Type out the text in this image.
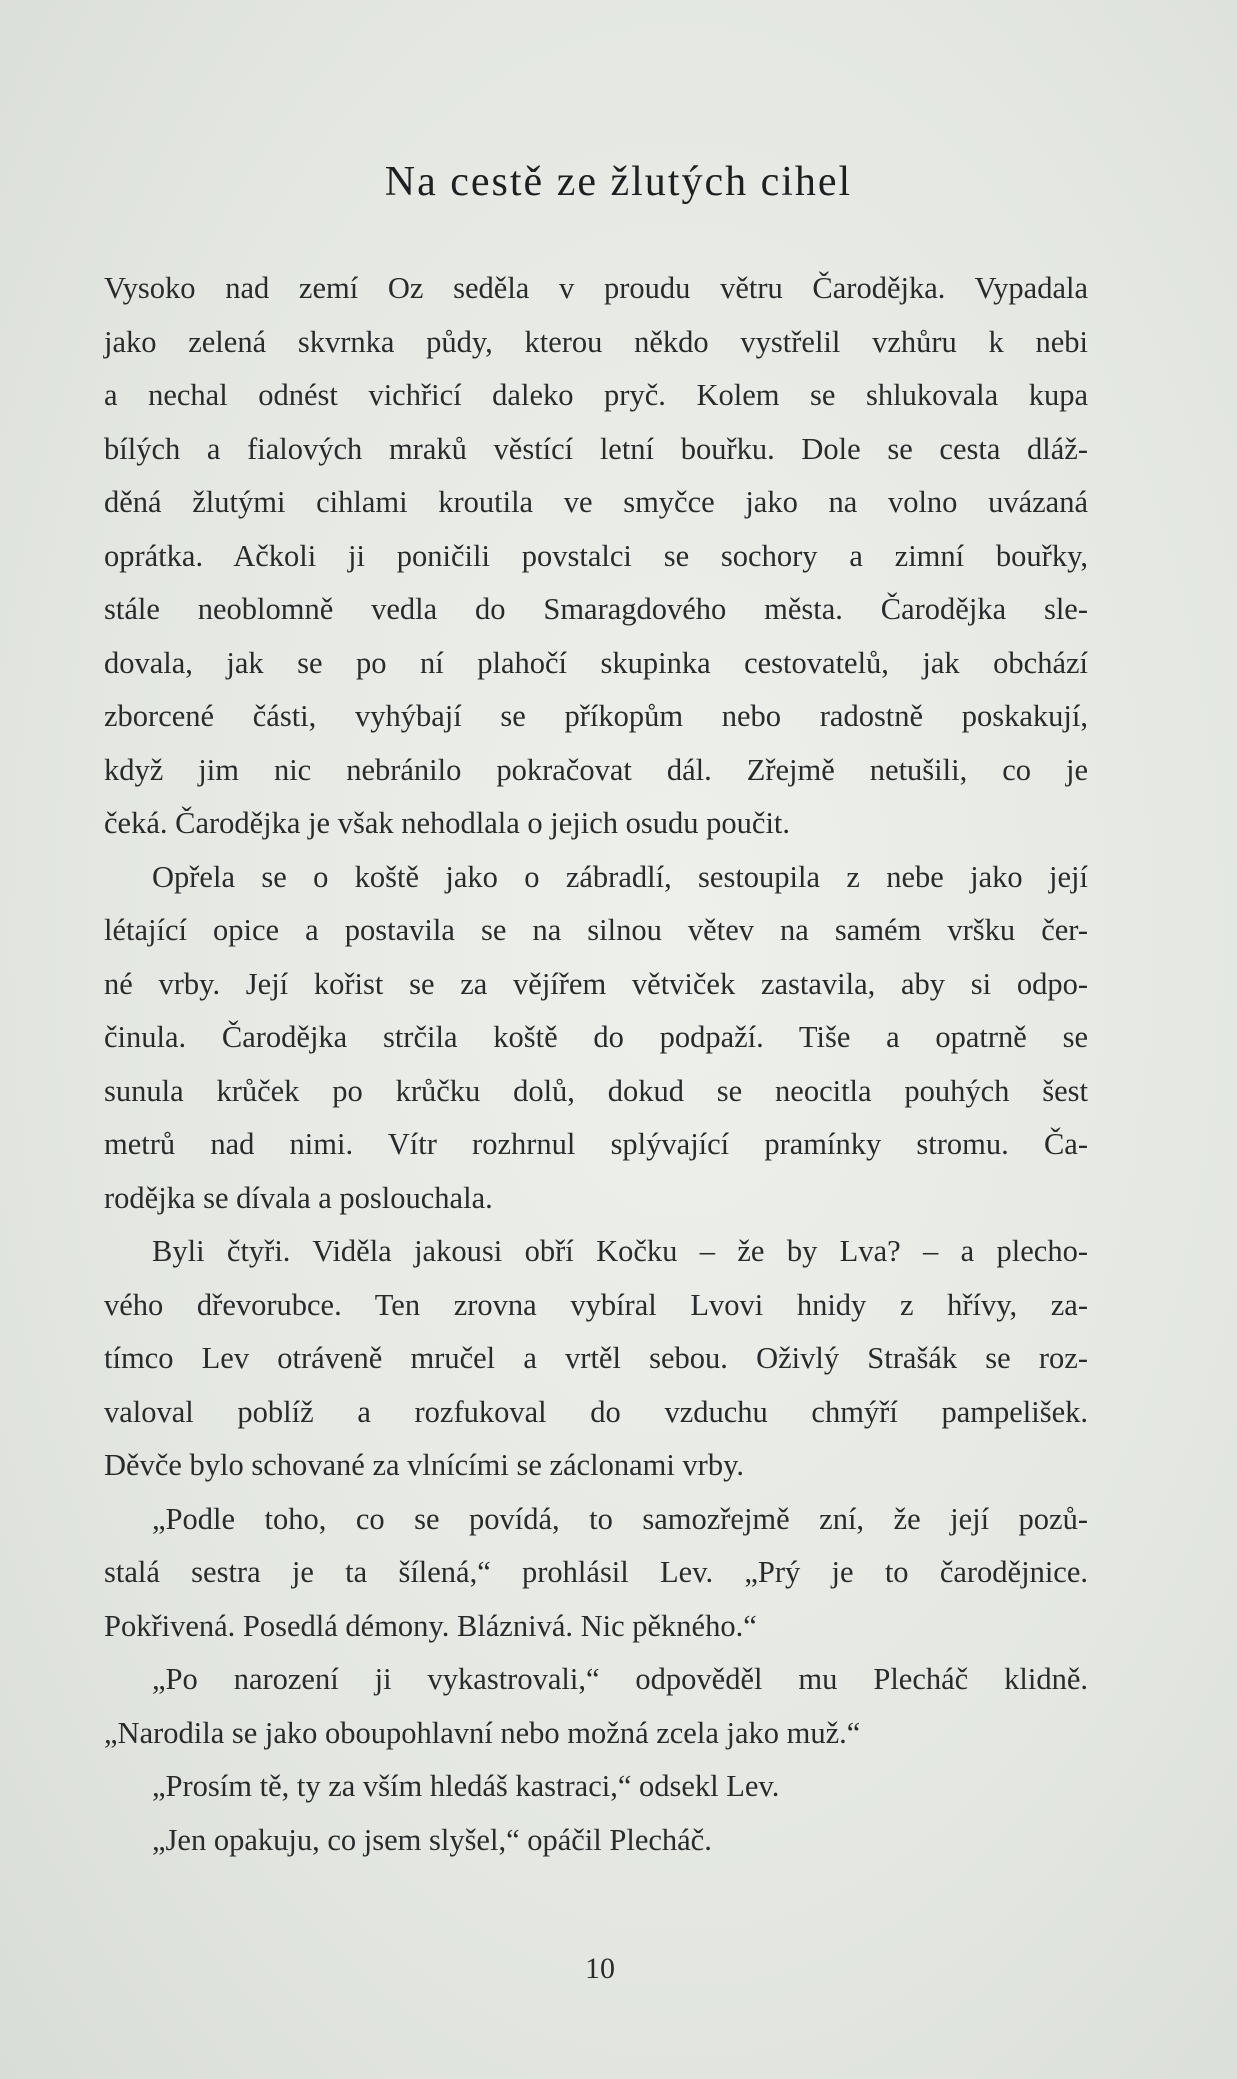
Na cestě ze žlutých cihel
Vysoko nad zemí Oz seděla v proudu větru Čarodějka. Vypadala
jako zelená skvrnka půdy, kterou někdo vystřelil vzhůru k nebi
a nechal odnést vichřicí daleko pryč. Kolem se shlukovala kupa
bílých a fialových mraků věstící letní bouřku. Dole se cesta dláž-
děná žlutými cihlami kroutila ve smyčce jako na volno uvázaná
oprátka. Ačkoli ji poničili povstalci se sochory a zimní bouřky,
stále neoblomně vedla do Smaragdového města. Čarodějka sle-
dovala, jak se po ní plahočí skupinka cestovatelů, jak obchází
zborcené části, vyhýbají se příkopům nebo radostně poskakují,
když jim nic nebránilo pokračovat dál. Zřejmě netušili, co je
čeká. Čarodějka je však nehodlala o jejich osudu poučit.
Opřela se o koště jako o zábradlí, sestoupila z nebe jako její
létající opice a postavila se na silnou větev na samém vršku čer-
né vrby. Její kořist se za vějířem větviček zastavila, aby si odpo-
činula. Čarodějka strčila koště do podpaží. Tiše a opatrně se
sunula krůček po krůčku dolů, dokud se neocitla pouhých šest
metrů nad nimi. Vítr rozhrnul splývající pramínky stromu. Ča-
rodějka se dívala a poslouchala.
Byli čtyři. Viděla jakousi obří Kočku – že by Lva? – a plecho-
vého dřevorubce. Ten zrovna vybíral Lvovi hnidy z hřívy, za-
tímco Lev otráveně mručel a vrtěl sebou. Oživlý Strašák se roz-
valoval poblíž a rozfukoval do vzduchu chmýří pampelišek.
Děvče bylo schované za vlnícími se záclonami vrby.
„Podle toho, co se povídá, to samozřejmě zní, že její pozů-
stalá sestra je ta šílená,“ prohlásil Lev. „Prý je to čarodějnice.
Pokřivená. Posedlá démony. Bláznivá. Nic pěkného.“
„Po narození ji vykastrovali,“ odpověděl mu Plecháč klidně.
„Narodila se jako oboupohlavní nebo možná zcela jako muž.“
„Prosím tě, ty za vším hledáš kastraci,“ odsekl Lev.
„Jen opakuju, co jsem slyšel,“ opáčil Plecháč.
10
